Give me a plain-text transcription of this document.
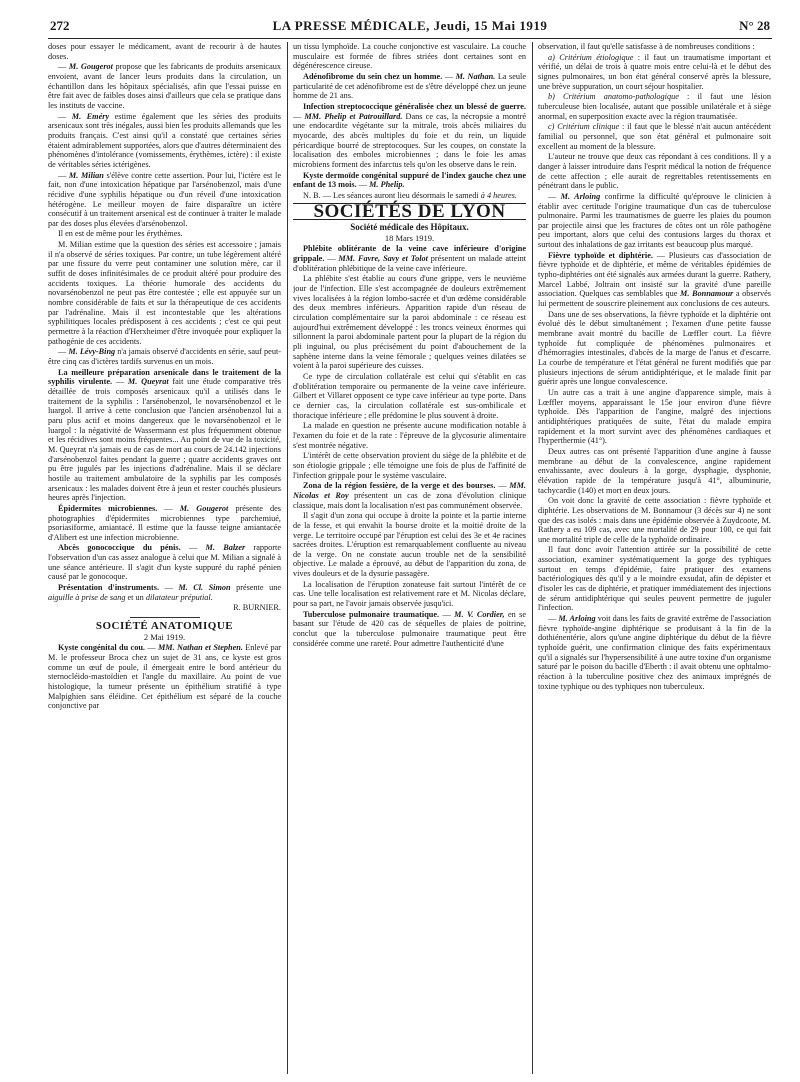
272	LA PRESSE MÉDICALE, Jeudi, 15 Mai 1919	N° 28

doses pour essayer le médicament, avant de recourir à de hautes doses.

— M. Gougerot propose que les fabricants de produits arsenicaux envoient, avant de lancer leurs produits dans la circulation, un échantillon dans les hôpitaux spécialisés, afin que l'essai puisse en être fait avec de faibles doses ainsi d'ailleurs que cela se pratique dans les instituts de vaccine.

— M. Eméry estime également que les séries des produits arsenicaux sont très inégales, aussi bien les produits allemands que les produits français. C'est ainsi qu'il a constaté que certaines séries étaient admirablement supportées, alors que d'autres déterminaient des phénomènes d'intolérance (vomissements, érythèmes, ictère) : il existe de véritables séries ictérigènes.

— M. Milian s'élève contre cette assertion. Pour lui, l'ictère est le fait, non d'une intoxication hépatique par l'arsénobenzol, mais d'une récidive d'une syphilis hépatique ou d'un réveil d'une intoxication hétérogène. Le meilleur moyen de faire disparaître un ictère consécutif à un traitement arsenical est de continuer à traiter le malade par des doses plus élevées d'arsénobenzol.

Il en est de même pour les érythèmes.

M. Milian estime que la question des séries est accessoire ; jamais il n'a observé de séries toxiques. Par contre, un tube légèrement altéré par une fissure du verre peut contaminer une solution mère, car il suffit de doses infinitésimales de ce produit altéré pour produire des accidents toxiques. La théorie humorale des accidents du novarsénobenzol ne peut pas être contestée ; elle est appuyée sur un nombre considérable de faits et sur la thérapeutique de ces accidents par l'adrénaline. Mais il est incontestable que les altérations syphilitiques locales prédisposent à ces accidents ; c'est ce qui peut permettre à la réaction d'Herxheimer d'être invoquée pour expliquer la pathogénie de ces accidents.

— M. Lévy-Bing n'a jamais observé d'accidents en série, sauf peut-être cinq cas d'ictères tardifs survenus en un mois.

La meilleure préparation arsenicale dans le traitement de la syphilis virulente. — M. Queyrat fait une étude comparative très détaillée de trois composés arsenicaux qu'il a utilisés dans le traitement de la syphilis : l'arsénobenzol, le novarsénobenzol et le luargol. Il arrive à cette conclusion que l'ancien arsénobenzol lui a paru plus actif et moins dangereux que le novarsénobenzol et le luargol : la négativité de Wassermann est plus fréquemment obtenue et les récidives sont moins fréquentes... Au point de vue de la toxicité, M. Queyrat n'a jamais eu de cas de mort au cours de 24.142 injections d'arsénobenzol faites pendant la guerre ; quatre accidents graves ont pu être jugulés par les injections d'adrénaline. Mais il se déclare hostile au traitement ambulatoire de la syphilis par les composés arsenicaux : les malades doivent être à jeun et rester couchés plusieurs heures après l'injection.

Épidermites microbiennes. — M. Gougerot présente des photographies d'épidermites microbiennes type parchemiué, psoriasiforme, amiantacé. Il estime que la fausse teigne amiantacée d'Alibert est une infection microbienne.

Abcès gonococcique du pénis. — M. Balzer rapporte l'observation d'un cas assez analogue à celui que M. Milian a signalé à une séance antérieure. Il s'agit d'un kyste suppuré du raphé pénien causé par le gonocoque.

Présentation d'instruments. — M. Cl. Simon présente une aiguille à prise de sang et un dilatateur préputial.

R. BURNIER.

SOCIÉTÉ ANATOMIQUE

2 Mai 1919.

Kyste congénital du cou. — MM. Nathan et Stephen. Enlevé par M. le professeur Broca chez un sujet de 31 ans, ce kyste est gros comme un œuf de poule, il émergeait entre le bord antérieur du sternocléido-mastoïdien et l'angle du maxillaire. Au point de vue histologique, la tumeur présente un épithélium stratifié à type Malpighien sans éléidine. Cet épithélium est séparé de la couche conjonctive par

un tissu lymphoïde. La couche conjonctive est vasculaire. La couche musculaire est formée de fibres striées dont certaines sont en dégénérescence cireuse.

Adénofibrome du sein chez un homme. — M. Nathan. La seule particularité de cet adénofibrome est de s'être développé chez un jeune homme de 21 ans.

Infection streptococcique généralisée chez un blessé de guerre. — MM. Phelip et Patrouillard. Dans ce cas, la nécropsie a montré une endocardite végétante sur la mitrale, trois abcès miliaires du myocarde, des abcès multiples du foie et du rein, un liquide péricardique bourré de streptocoques. Sur les coupes, on constate la localisation des emboles microbiennes ; dans le foie les amas microbiens forment des infarctus tels qu'on les observe dans le rein.

Kyste dermoïde congénital suppuré de l'index gauche chez une enfant de 13 mois. — M. Phelip.

N. B. — Les séances auront lieu désormais le samedi à 4 heures.

SOCIÉTÉS DE LYON

Société médicale des Hôpitaux.

18 Mars 1919.

Phlébite oblitérante de la veine cave inférieure d'origine grippale. — MM. Favre, Savy et Tolot présentent un malade atteint d'oblitération phlébitique de la veine cave inférieure.

La phlébite s'est établie au cours d'une grippe, vers le neuvième jour de l'infection. Elle s'est accompagnée de douleurs extrêmement vives localisées à la région lombo-sacrée et d'un œdème considérable des deux membres inférieurs. Apparition rapide d'un réseau de circulation complémentaire sur la paroi abdominale : ce réseau est aujourd'hui extrêmement développé : les troncs veineux énormes qui sillonnent la paroi abdominale partent pour la plupart de la région du pli inguinal, ou plus précisément du point d'abouchement de la saphène interne dans la veine fémorale ; quelques veines dilatées se voient à la paroi supérieure des cuisses.

Ce type de circulation collatérale est celui qui s'établit en cas d'oblitération temporaire ou permanente de la veine cave inférieure. Gilbert et Villaret opposent ce type cave inférieur au type porte. Dans ce dernier cas, la circulation collatérale est sus-ombilicale et thoracique inférieure ; elle prédomine le plus souvent à droite.

La malade en question ne présente aucune modification notable à l'examen du foie et de la rate : l'épreuve de la glycosurie alimentaire s'est montrée négative.

L'intérêt de cette observation provient du siège de la phlébite et de son étiologie grippale ; elle témoigne une fois de plus de l'affinité de l'infection grippale pour le système vasculaire.

Zona de la région fessière, de la verge et des bourses. — MM. Nicolas et Roy présentent un cas de zona d'évolution clinique classique, mais dont la localisation n'est pas communément observée.

Il s'agit d'un zona qui occupe à droite la pointe et la partie interne de la fesse, et qui envahit la bourse droite et la moitié droite de la verge. Le territoire occupé par l'éruption est celui des 3e et 4e racines sacrées droites. L'éruption est remarquablement confluente au niveau de la verge. On ne constate aucun trouble net de la sensibilité objective. Le malade a éprouvé, au début de l'apparition du zona, de vives douleurs et de la dysurie passagère.

La localisation de l'éruption zonateuse fait surtout l'intérêt de ce cas. Une telle localisation est relativement rare et M. Nicolas déclare, pour sa part, ne l'avoir jamais observée jusqu'ici.

Tuberculose pulmonaire traumatique. — M. V. Cordier, en se basant sur l'étude de 420 cas de séquelles de plaies de poitrine, conclut que la tuberculose pulmonaire traumatique peut être considérée comme une rareté. Pour admettre l'authenticité d'une

observation, il faut qu'elle satisfasse à de nombreuses conditions :

a) Critérium étiologique : il faut un traumatisme important et vérifié, un délai de trois à quatre mois entre celui-là et le début des signes pulmonaires, un bon état général conservé après la blessure, une brève suppuration, un court séjour hospitalier.

b) Critérium anatomo-pathologique : il faut une lésion tuberculeuse bien localisée, autant que possible unilatérale et à siège anormal, en superposition exacte avec la région traumatisée.

c) Critérium clinique : il faut que le blessé n'ait aucun antécédent familial ou personnel, que son état général et pulmonaire soit excellent au moment de la blessure.

L'auteur ne trouve que deux cas répondant à ces conditions. Il y a danger à laisser introduire dans l'esprit médical la notion de fréquence de cette affection ; elle aurait de regrettables retentissements en pénétrant dans le public.

— M. Arloing confirme la difficulté qu'éprouve le clinicien à établir avec certitude l'origine traumatique d'un cas de tuberculose pulmonaire. Parmi les traumatismes de guerre les plaies du poumon par projectile ainsi que les fractures de côtes ont un rôle pathogène peu important, alors que celui des contusions larges du thorax et surtout des inhalations de gaz irritants est beaucoup plus marqué.

Fièvre typhoïde et diphtérie. — Plusieurs cas d'association de fièvre typhoïde et de diphtérie, et même de véritables épidémies de typho-diphtéries ont été signalés aux armées durant la guerre. Rathery, Marcel Labbé, Joltrain ont insisté sur la gravité d'une pareille association. Quelques cas semblables que M. Bonnamour a observés lui permettent de souscrire pleinement aux conclusions de ces auteurs.

Dans une de ses observations, la fièvre typhoïde et la diphtérie ont évolué dès le début simultanément ; l'examen d'une petite fausse membrane avait montré du bacille de Lœffler court. La fièvre typhoïde fut compliquée de phénomènes pulmonaires et d'hémorragies intestinales, d'abcès de la marge de l'anus et d'escarre. La courbe de température et l'état général ne furent modifiés que par plusieurs injections de sérum antidiphtérique, et le malade finit par guérir après une longue convalescence.

Un autre cas a trait à une angine d'apparence simple, mais à Lœffler moyens, apparaissant le 15e jour environ d'une fièvre typhoïde. Dès l'apparition de l'angine, malgré des injections antidiphtériques pratiquées de suite, l'état du malade empira rapidement et la mort survint avec des phénomènes cardiaques et l'hyperthermie (41°).

Deux autres cas ont présenté l'apparition d'une angine à fausse membrane au début de la convalescence, angine rapidement envahissante, avec douleurs à la gorge, dysphagie, dysphonie, élévation rapide de la température jusqu'à 41°, albuminurie, tachycardie (140) et mort en deux jours.

On voit donc la gravité de cette association : fièvre typhoïde et diphtérie. Les observations de M. Bonnamour (3 décès sur 4) ne sont que des cas isolés : mais dans une épidémie observée à Zuydcoote, M. Rathery a eu 109 cas, avec une mortalité de 29 pour 100, ce qui fait une mortalité triple de celle de la typhoïde ordinaire.

Il faut donc avoir l'attention attirée sur la possibilité de cette association, examiner systématiquement la gorge des typhiques surtout en temps d'épidémie, faire pratiquer des examens bactériologiques dès qu'il y a le moindre exsudat, afin de dépister et d'isoler les cas de diphtérie, et pratiquer immédiatement des injections de sérum antidiphtérique qui seules peuvent permettre de juguler l'infection.

— M. Arloing voit dans les faits de gravité extrême de l'association fièvre typhoïde-angine diphtérique se produisant à la fin de la dothiénentérie, alors qu'une angine diphtérique du début de la fièvre typhoïde guérit, une confirmation clinique des faits expérimentaux qu'il a signalés sur l'hypersensibilité à une autre toxine d'un organisme saturé par le poison du bacille d'Eberth : il avait obtenu une ophtalmo-réaction à la tuberculine positive chez des animaux imprégnés de toxine typhique ou des typhiques non tuberculeux.
